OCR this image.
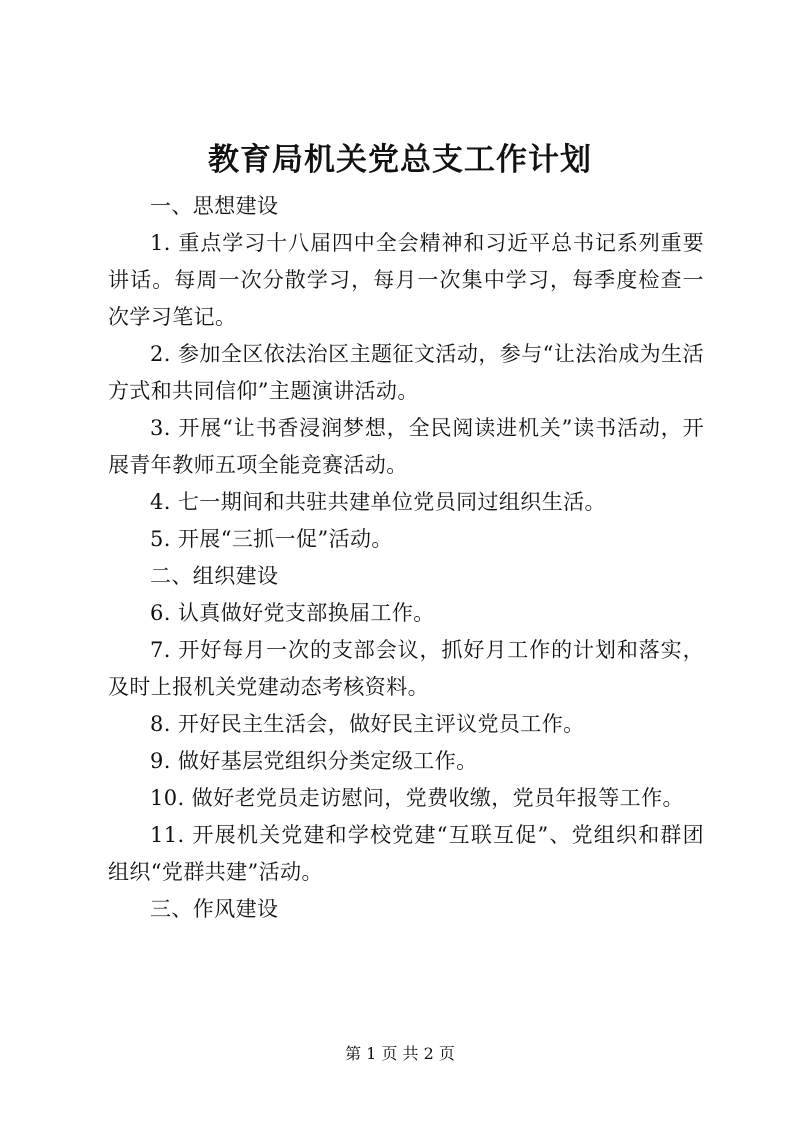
教育局机关党总支工作计划

一、思想建设

1. 重点学习十八届四中全会精神和习近平总书记系列重要讲话。每周一次分散学习，每月一次集中学习，每季度检查一次学习笔记。

2. 参加全区依法治区主题征文活动，参与“让法治成为生活方式和共同信仰”主题演讲活动。

3. 开展“让书香浸润梦想，全民阅读进机关”读书活动，开展青年教师五项全能竞赛活动。

4. 七一期间和共驻共建单位党员同过组织生活。

5. 开展“三抓一促”活动。

二、组织建设

6. 认真做好党支部换届工作。

7. 开好每月一次的支部会议，抓好月工作的计划和落实，及时上报机关党建动态考核资料。

8. 开好民主生活会，做好民主评议党员工作。

9. 做好基层党组织分类定级工作。

10. 做好老党员走访慰问，党费收缴，党员年报等工作。

11. 开展机关党建和学校党建“互联互促”、党组织和群团组织“党群共建”活动。

三、作风建设

第 1 页 共 2 页
